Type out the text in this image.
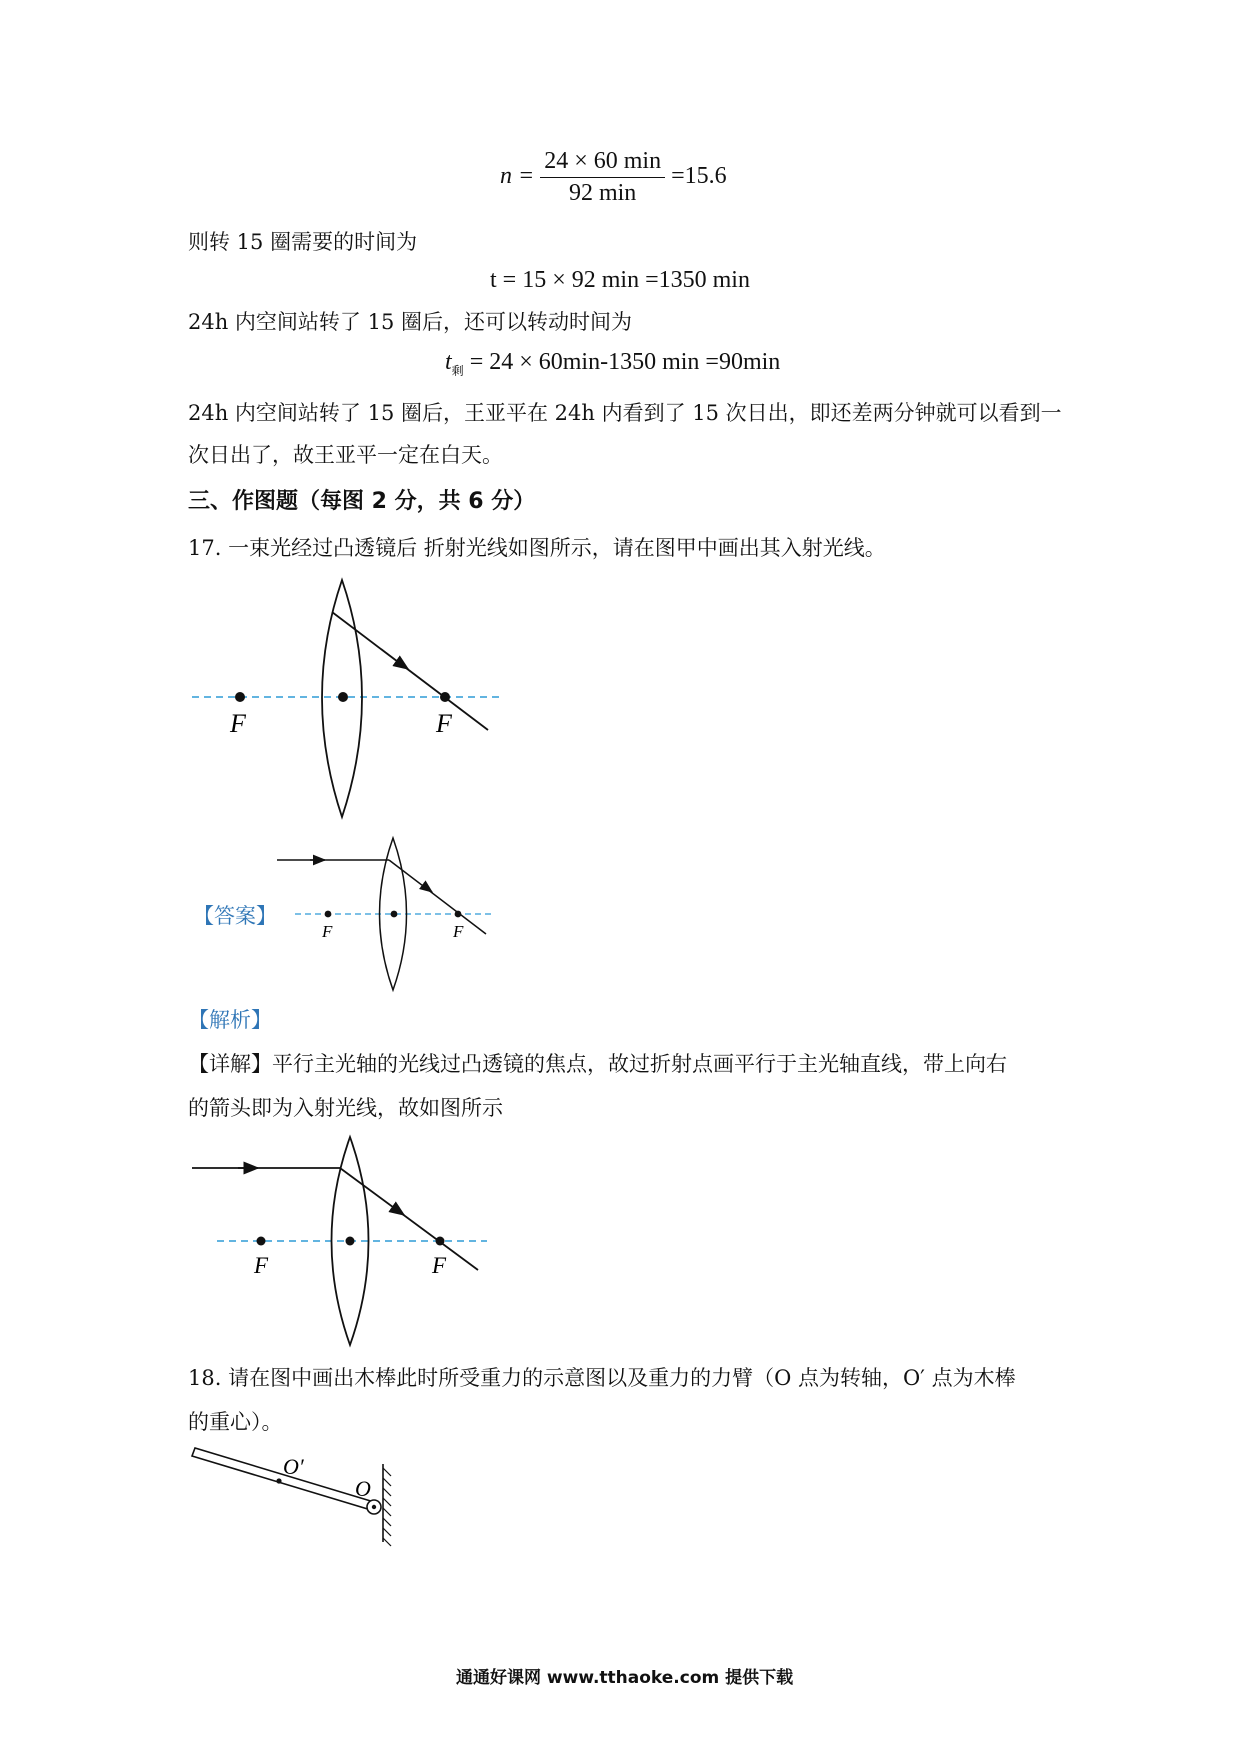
$n = \frac{24 \times 60 \min}{92 \min} =15.6$
则转 15 圈需要的时间为
t = 15 × 92 min =1350 min
24h 内空间站转了 15 圈后，还可以转动时间为
$t_剩 = 24 \times 60\min-1350$ min =90min
24h 内空间站转了 15 圈后，王亚平在 24h 内看到了 15 次日出，即还差两分钟就可以看到一
次日出了，故王亚平一定在白天。
三、作图题（每图 2 分，共 6 分）
17. 一束光经过凸透镜后 折射光线如图所示，请在图甲中画出其入射光线。
F	F
F	F
F	F
O′
O
【答案】
【解析】
【详解】平行主光轴的光线过凸透镜的焦点，故过折射点画平行于主光轴直线，带上向右
的箭头即为入射光线，故如图所示
18. 请在图中画出木棒此时所受重力的示意图以及重力的力臂（O 点为转轴，O′ 点为木棒
的重心）。
通通好课网 www.tthaoke.com 提供下载
